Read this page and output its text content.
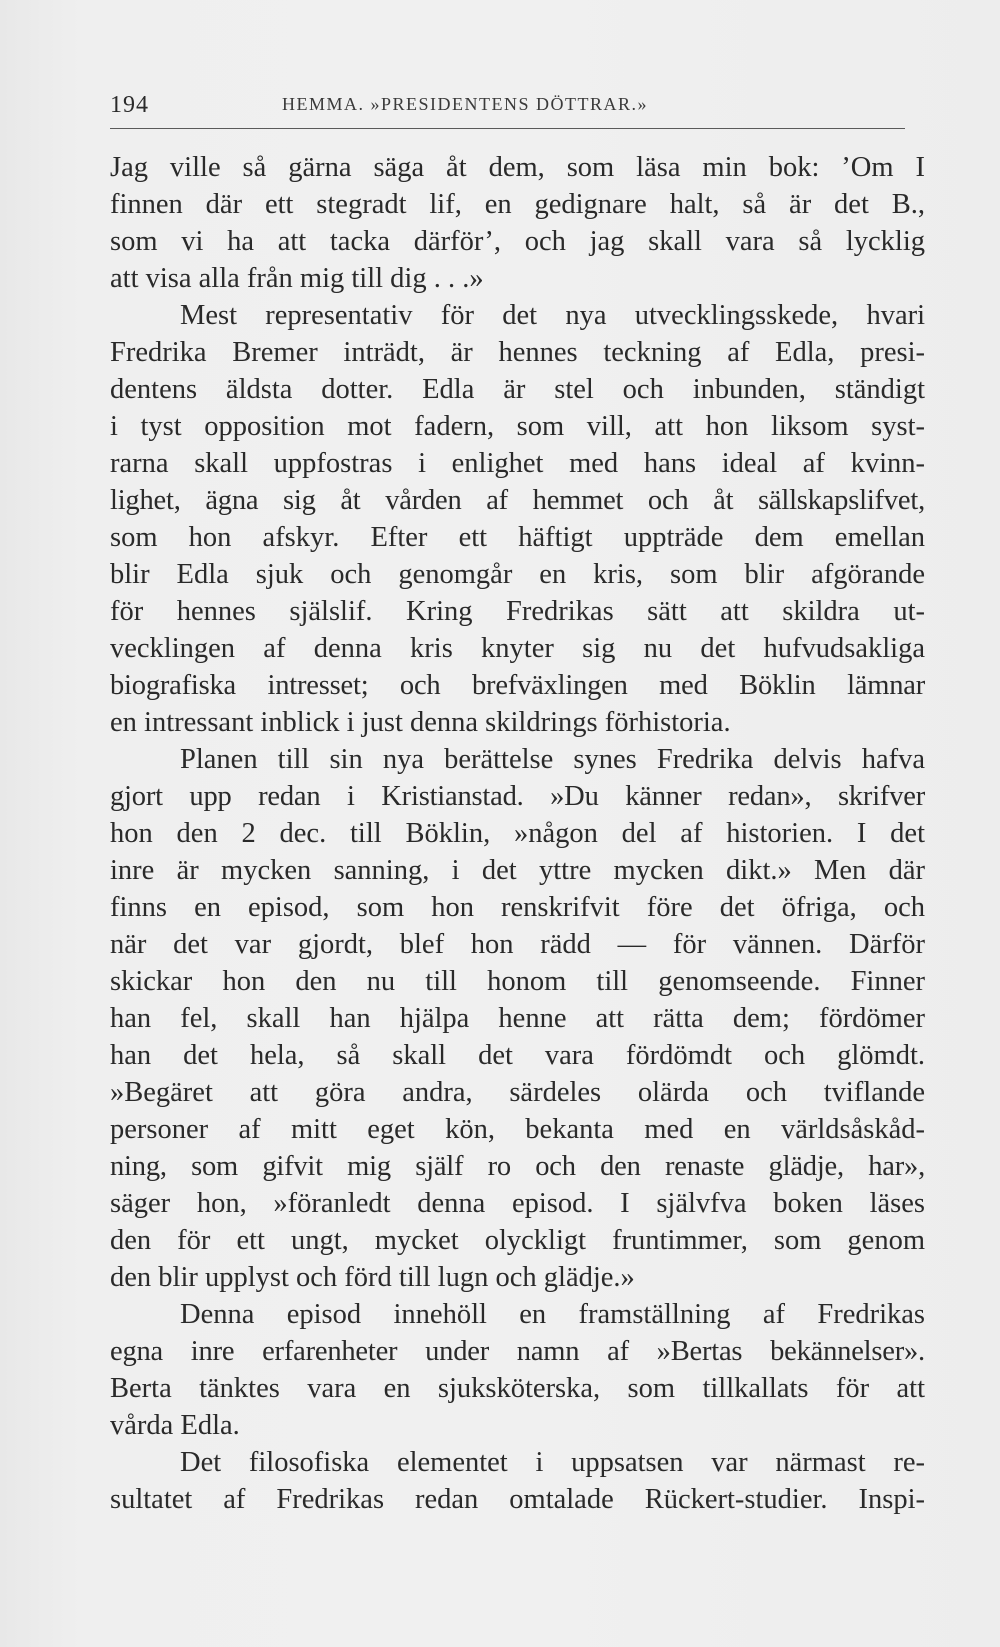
194	HEMMA. »PRESIDENTENS DÖTTRAR.»
Jag ville så gärna säga åt dem, som läsa min bok: ’Om I
finnen där ett stegradt lif, en gedignare halt, så är det B.,
som vi ha att tacka därför’, och jag skall vara så lycklig
att visa alla från mig till dig . . .»
Mest representativ för det nya utvecklingsskede, hvari
Fredrika Bremer inträdt, är hennes teckning af Edla, presi-
dentens äldsta dotter. Edla är stel och inbunden, ständigt
i tyst opposition mot fadern, som vill, att hon liksom syst-
rarna skall uppfostras i enlighet med hans ideal af kvinn-
lighet, ägna sig åt vården af hemmet och åt sällskapslifvet,
som hon afskyr. Efter ett häftigt uppträde dem emellan
blir Edla sjuk och genomgår en kris, som blir afgörande
för hennes själslif. Kring Fredrikas sätt att skildra ut-
vecklingen af denna kris knyter sig nu det hufvudsakliga
biografiska intresset; och brefväxlingen med Böklin lämnar
en intressant inblick i just denna skildrings förhistoria.
Planen till sin nya berättelse synes Fredrika delvis hafva
gjort upp redan i Kristianstad. »Du känner redan», skrifver
hon den 2 dec. till Böklin, »någon del af historien. I det
inre är mycken sanning, i det yttre mycken dikt.» Men där
finns en episod, som hon renskrifvit före det öfriga, och
när det var gjordt, blef hon rädd — för vännen. Därför
skickar hon den nu till honom till genomseende. Finner
han fel, skall han hjälpa henne att rätta dem; fördömer
han det hela, så skall det vara fördömdt och glömdt.
»Begäret att göra andra, särdeles olärda och tviflande
personer af mitt eget kön, bekanta med en världsåskåd-
ning, som gifvit mig själf ro och den renaste glädje, har»,
säger hon, »föranledt denna episod. I självfva boken läses
den för ett ungt, mycket olyckligt fruntimmer, som genom
den blir upplyst och förd till lugn och glädje.»
Denna episod innehöll en framställning af Fredrikas
egna inre erfarenheter under namn af »Bertas bekännelser».
Berta tänktes vara en sjuksköterska, som tillkallats för att
vårda Edla.
Det filosofiska elementet i uppsatsen var närmast re-
sultatet af Fredrikas redan omtalade Rückert-studier. Inspi-
